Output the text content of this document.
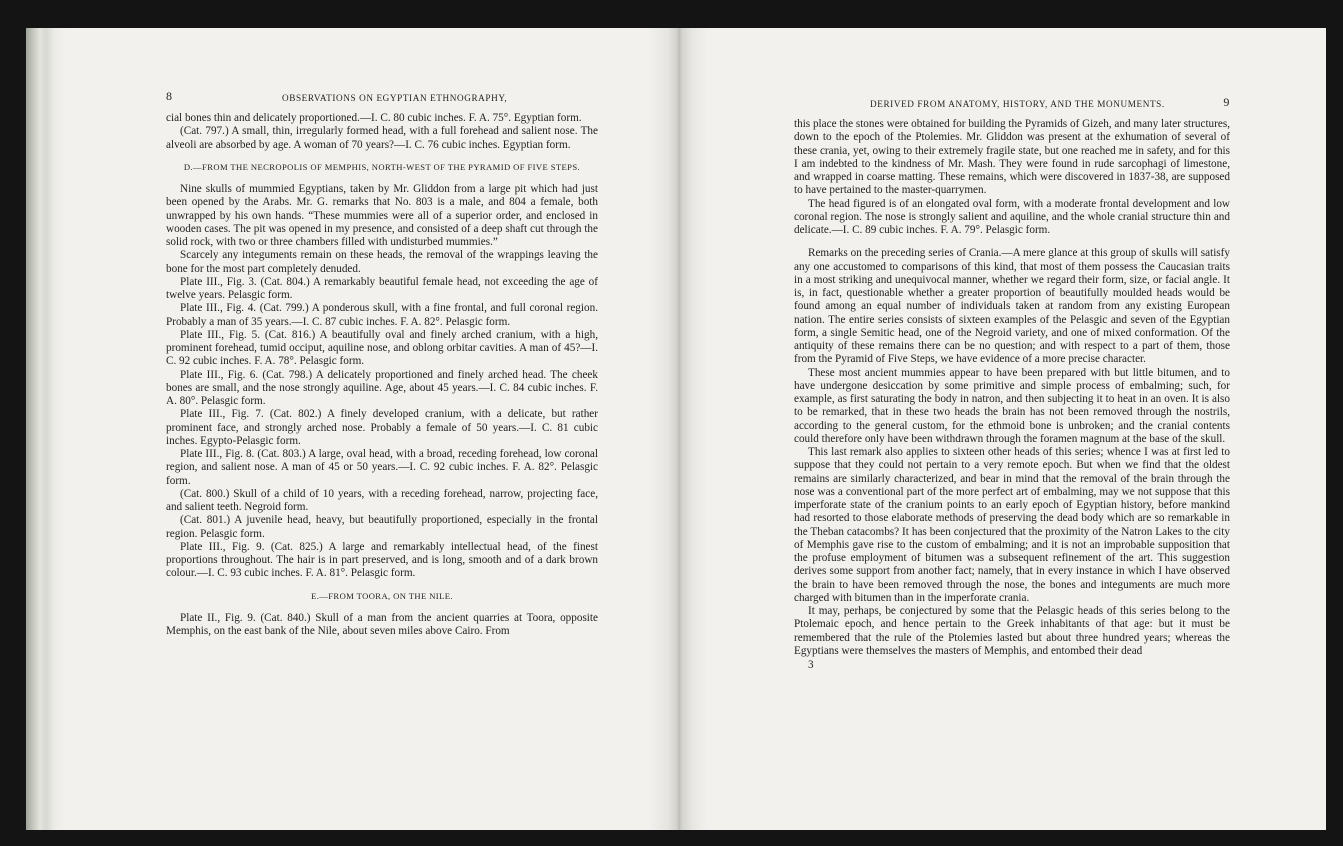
8	OBSERVATIONS ON EGYPTIAN ETHNOGRAPHY,

cial bones thin and delicately proportioned.—I. C. 80 cubic inches. F. A. 75°. Egyptian form.

(Cat. 797.) A small, thin, irregularly formed head, with a full forehead and salient nose. The alveoli are absorbed by age. A woman of 70 years?—I. C. 76 cubic inches. Egyptian form.

D.—FROM THE NECROPOLIS OF MEMPHIS, NORTH-WEST OF THE PYRAMID OF FIVE STEPS.

Nine skulls of mummied Egyptians, taken by Mr. Gliddon from a large pit which had just been opened by the Arabs. Mr. G. remarks that No. 803 is a male, and 804 a female, both unwrapped by his own hands. “These mummies were all of a superior order, and enclosed in wooden cases. The pit was opened in my presence, and consisted of a deep shaft cut through the solid rock, with two or three chambers filled with undisturbed mummies.”

Scarcely any integuments remain on these heads, the removal of the wrappings leaving the bone for the most part completely denuded.

Plate III., Fig. 3. (Cat. 804.) A remarkably beautiful female head, not exceeding the age of twelve years. Pelasgic form.

Plate III., Fig. 4. (Cat. 799.) A ponderous skull, with a fine frontal, and full coronal region. Probably a man of 35 years.—I. C. 87 cubic inches. F. A. 82°. Pelasgic form.

Plate III., Fig. 5. (Cat. 816.) A beautifully oval and finely arched cranium, with a high, prominent forehead, tumid occiput, aquiline nose, and oblong orbitar cavities. A man of 45?—I. C. 92 cubic inches. F. A. 78°. Pelasgic form.

Plate III., Fig. 6. (Cat. 798.) A delicately proportioned and finely arched head. The cheek bones are small, and the nose strongly aquiline. Age, about 45 years.—I. C. 84 cubic inches. F. A. 80°. Pelasgic form.

Plate III., Fig. 7. (Cat. 802.) A finely developed cranium, with a delicate, but rather prominent face, and strongly arched nose. Probably a female of 50 years.—I. C. 81 cubic inches. Egypto-Pelasgic form.

Plate III., Fig. 8. (Cat. 803.) A large, oval head, with a broad, receding forehead, low coronal region, and salient nose. A man of 45 or 50 years.—I. C. 92 cubic inches. F. A. 82°. Pelasgic form.

(Cat. 800.) Skull of a child of 10 years, with a receding forehead, narrow, projecting face, and salient teeth. Negroid form.

(Cat. 801.) A juvenile head, heavy, but beautifully proportioned, especially in the frontal region. Pelasgic form.

Plate III., Fig. 9. (Cat. 825.) A large and remarkably intellectual head, of the finest proportions throughout. The hair is in part preserved, and is long, smooth and of a dark brown colour.—I. C. 93 cubic inches. F. A. 81°. Pelasgic form.

E.—FROM TOORA, ON THE NILE.

Plate II., Fig. 9. (Cat. 840.) Skull of a man from the ancient quarries at Toora, opposite Memphis, on the east bank of the Nile, about seven miles above Cairo. From

DERIVED FROM ANATOMY, HISTORY, AND THE MONUMENTS.	9

this place the stones were obtained for building the Pyramids of Gizeh, and many later structures, down to the epoch of the Ptolemies. Mr. Gliddon was present at the exhumation of several of these crania, yet, owing to their extremely fragile state, but one reached me in safety, and for this I am indebted to the kindness of Mr. Mash. They were found in rude sarcophagi of limestone, and wrapped in coarse matting. These remains, which were discovered in 1837-38, are supposed to have pertained to the master-quarrymen.

The head figured is of an elongated oval form, with a moderate frontal development and low coronal region. The nose is strongly salient and aquiline, and the whole cranial structure thin and delicate.—I. C. 89 cubic inches. F. A. 79°. Pelasgic form.

Remarks on the preceding series of Crania.—A mere glance at this group of skulls will satisfy any one accustomed to comparisons of this kind, that most of them possess the Caucasian traits in a most striking and unequivocal manner, whether we regard their form, size, or facial angle. It is, in fact, questionable whether a greater proportion of beautifully moulded heads would be found among an equal number of individuals taken at random from any existing European nation. The entire series consists of sixteen examples of the Pelasgic and seven of the Egyptian form, a single Semitic head, one of the Negroid variety, and one of mixed conformation. Of the antiquity of these remains there can be no question; and with respect to a part of them, those from the Pyramid of Five Steps, we have evidence of a more precise character.

These most ancient mummies appear to have been prepared with but little bitumen, and to have undergone desiccation by some primitive and simple process of embalming; such, for example, as first saturating the body in natron, and then subjecting it to heat in an oven. It is also to be remarked, that in these two heads the brain has not been removed through the nostrils, according to the general custom, for the ethmoid bone is unbroken; and the cranial contents could therefore only have been withdrawn through the foramen magnum at the base of the skull.

This last remark also applies to sixteen other heads of this series; whence I was at first led to suppose that they could not pertain to a very remote epoch. But when we find that the oldest remains are similarly characterized, and bear in mind that the removal of the brain through the nose was a conventional part of the more perfect art of embalming, may we not suppose that this imperforate state of the cranium points to an early epoch of Egyptian history, before mankind had resorted to those elaborate methods of preserving the dead body which are so remarkable in the Theban catacombs? It has been conjectured that the proximity of the Natron Lakes to the city of Memphis gave rise to the custom of embalming; and it is not an improbable supposition that the profuse employment of bitumen was a subsequent refinement of the art. This suggestion derives some support from another fact; namely, that in every instance in which I have observed the brain to have been removed through the nose, the bones and integuments are much more charged with bitumen than in the imperforate crania.

It may, perhaps, be conjectured by some that the Pelasgic heads of this series belong to the Ptolemaic epoch, and hence pertain to the Greek inhabitants of that age: but it must be remembered that the rule of the Ptolemies lasted but about three hundred years; whereas the Egyptians were themselves the masters of Memphis, and entombed their dead

3
